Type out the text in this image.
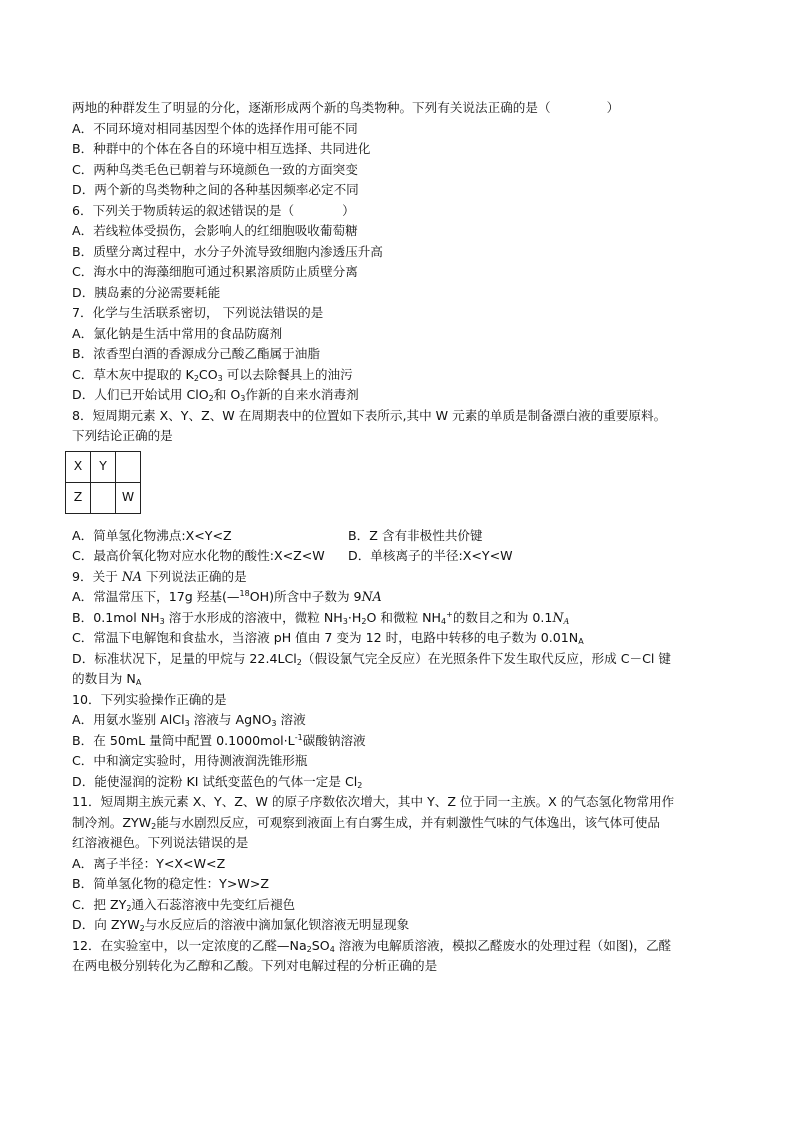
两地的种群发生了明显的分化，逐渐形成两个新的鸟类物种。下列有关说法正确的是（	）
A．不同环境对相同基因型个体的选择作用可能不同
B．种群中的个体在各自的环境中相互选择、共同进化
C．两种鸟类毛色已朝着与环境颜色一致的方面突变
D．两个新的鸟类物种之间的各种基因频率必定不同
6．下列关于物质转运的叙述错误的是（	）
A．若线粒体受损伤，会影响人的红细胞吸收葡萄糖
B．质壁分离过程中，水分子外流导致细胞内渗透压升高
C．海水中的海藻细胞可通过积累溶质防止质壁分离
D．胰岛素的分泌需要耗能
7．化学与生活联系密切， 下列说法错误的是
A．氯化钠是生活中常用的食品防腐剂
B．浓香型白酒的香源成分己酸乙酯属于油脂
C．草木灰中提取的 $K_2CO_3$ 可以去除餐具上的油污
D．人们已开始试用 ClO$_2$和 $O_3$作新的自来水消毒剂
8．短周期元素 X、Y、Z、W 在周期表中的位置如下表所示,其中 W 元素的单质是制备漂白液的重要原料。
下列结论正确的是
X	Y	
Z		W
A．简单氢化物沸点:X<Y<Z	B．Z 含有非极性共价键
C．最高价氧化物对应水化物的酸性:X<Z<W	D．单核离子的半径:X<Y<W
9．关于 NA 下列说法正确的是
A．常温常压下，17g 羟基(—$^{18}$OH)所含中子数为 9NA
B．0.1mol $NH_3$ 溶于水形成的溶液中，微粒 $NH_3\cdot H_2O$ 和微粒 $NH_4^+$的数目之和为 $0.1N_A$
C．常温下电解饱和食盐水，当溶液 pH 值由 7 变为 12 时，电路中转移的电子数为 $0.01N_A$
D．标准状况下，足量的甲烷与 22.4LCl$_2$（假设氯气完全反应）在光照条件下发生取代反应，形成 C－Cl 键
的数目为 $N_A$
10．下列实验操作正确的是
A．用氨水鉴别 AlCl$_3$ 溶液与 AgNO$_3$ 溶液
B．在 50mL 量筒中配置 $0.1000mol\cdot L^{-1}$碳酸钠溶液
C．中和滴定实验时，用待测液润洗锥形瓶
D．能使湿润的淀粉 KI 试纸变蓝色的气体一定是 $Cl_2$
11．短周期主族元素 X、Y、Z、W 的原子序数依次增大，其中 Y、Z 位于同一主族。X 的气态氢化物常用作
制冷剂。$ZYW_2$能与水剧烈反应，可观察到液面上有白雾生成，并有刺激性气味的气体逸出，该气体可使品
红溶液褪色。下列说法错误的是
A．离子半径：Y<X<W<Z
B．简单氢化物的稳定性：Y>W>Z
C．把 $ZY_2$通入石蕊溶液中先变红后褪色
D．向 $ZYW_2$与水反应后的溶液中滴加氯化钡溶液无明显现象
12．在实验室中，以一定浓度的乙醛$—Na_2SO_4$ 溶液为电解质溶液，模拟乙醛废水的处理过程（如图)，乙醛
在两电极分别转化为乙醇和乙酸。下列对电解过程的分析正确的是
